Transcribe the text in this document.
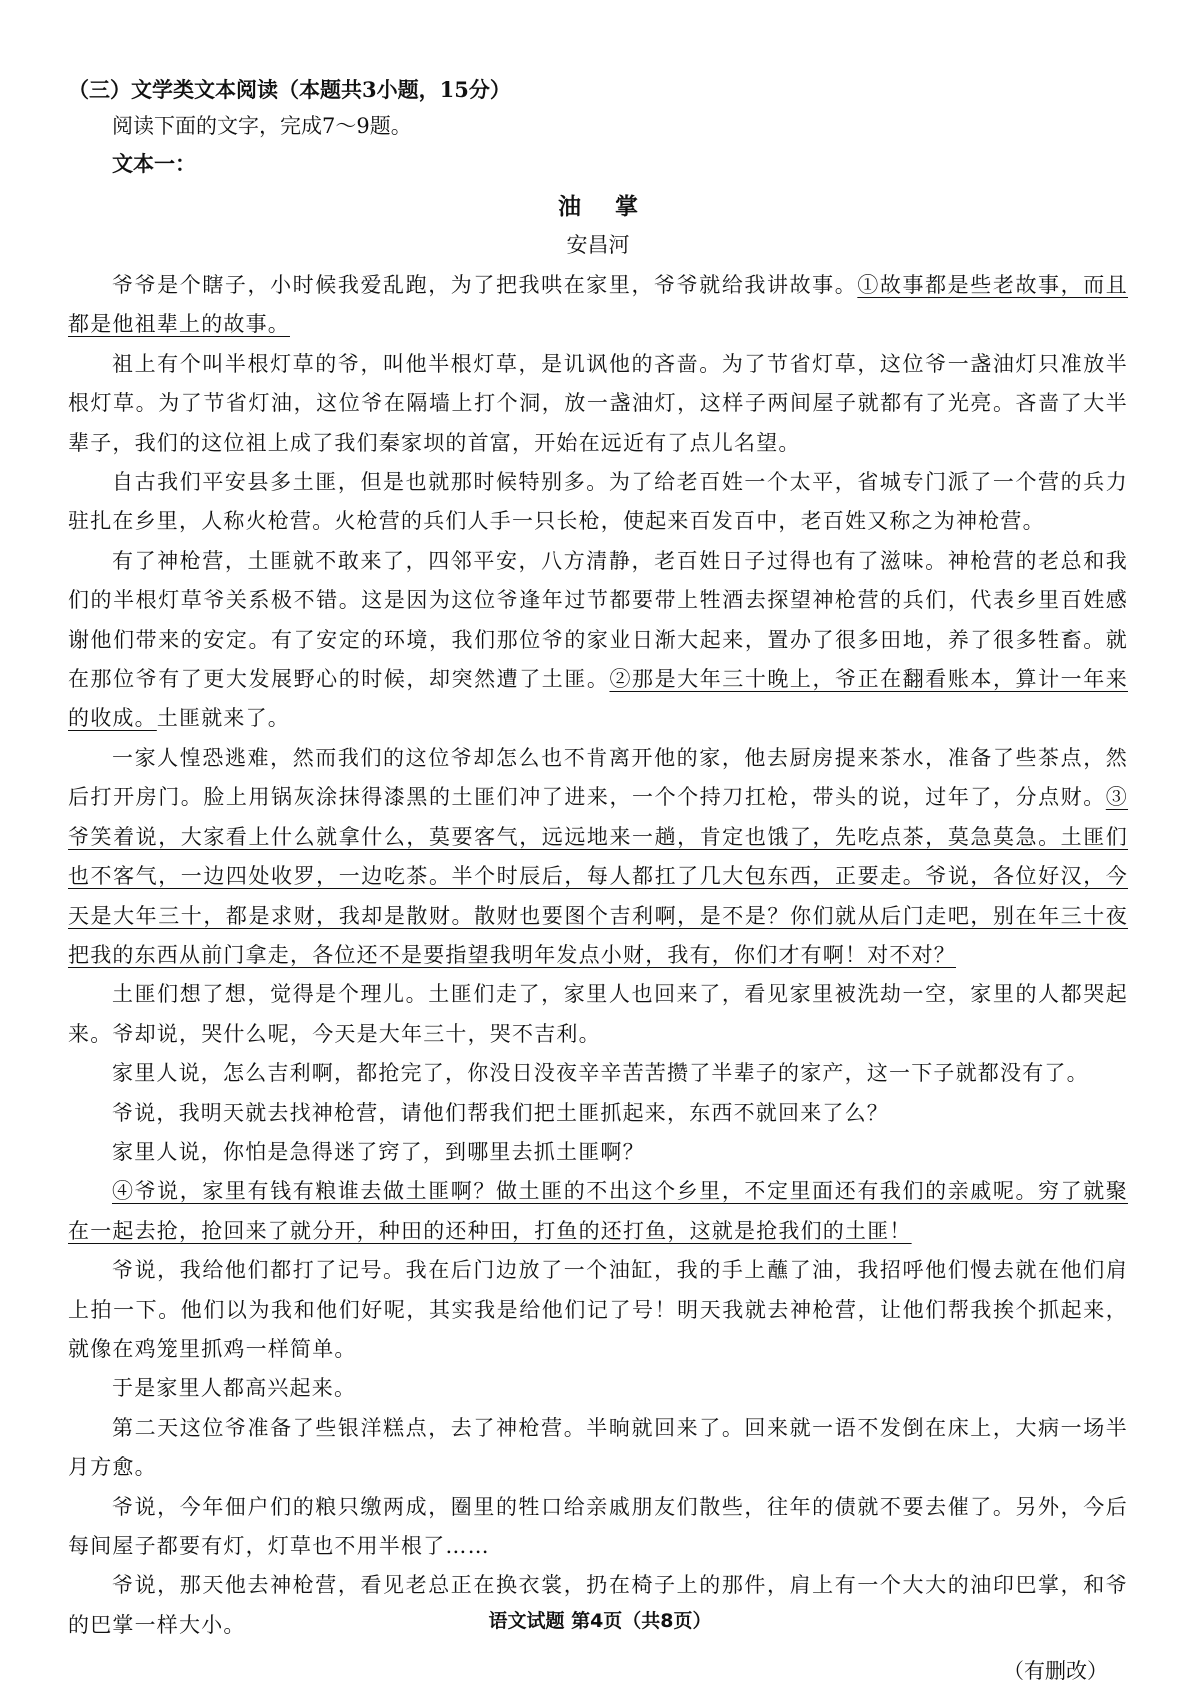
（三）文学类文本阅读（本题共3小题，15分）

阅读下面的文字，完成7～9题。

文本一：

油掌

安昌河

爷爷是个瞎子，小时候我爱乱跑，为了把我哄在家里，爷爷就给我讲故事。①故事都是些老故事，而且都是他祖辈上的故事。

祖上有个叫半根灯草的爷，叫他半根灯草，是讥讽他的吝啬。为了节省灯草，这位爷一盏油灯只准放半根灯草。为了节省灯油，这位爷在隔墙上打个洞，放一盏油灯，这样子两间屋子就都有了光亮。吝啬了大半辈子，我们的这位祖上成了我们秦家坝的首富，开始在远近有了点儿名望。

自古我们平安县多土匪，但是也就那时候特别多。为了给老百姓一个太平，省城专门派了一个营的兵力驻扎在乡里，人称火枪营。火枪营的兵们人手一只长枪，使起来百发百中，老百姓又称之为神枪营。

有了神枪营，土匪就不敢来了，四邻平安，八方清静，老百姓日子过得也有了滋味。神枪营的老总和我们的半根灯草爷关系极不错。这是因为这位爷逢年过节都要带上牲酒去探望神枪营的兵们，代表乡里百姓感谢他们带来的安定。有了安定的环境，我们那位爷的家业日渐大起来，置办了很多田地，养了很多牲畜。就在那位爷有了更大发展野心的时候，却突然遭了土匪。②那是大年三十晚上，爷正在翻看账本，算计一年来的收成。土匪就来了。

一家人惶恐逃难，然而我们的这位爷却怎么也不肯离开他的家，他去厨房提来茶水，准备了些茶点，然后打开房门。脸上用锅灰涂抹得漆黑的土匪们冲了进来，一个个持刀扛枪，带头的说，过年了，分点财。③爷笑着说，大家看上什么就拿什么，莫要客气，远远地来一趟，肯定也饿了，先吃点茶，莫急莫急。土匪们也不客气，一边四处收罗，一边吃茶。半个时辰后，每人都扛了几大包东西，正要走。爷说，各位好汉，今天是大年三十，都是求财，我却是散财。散财也要图个吉利啊，是不是？你们就从后门走吧，别在年三十夜把我的东西从前门拿走，各位还不是要指望我明年发点小财，我有，你们才有啊！对不对？

土匪们想了想，觉得是个理儿。土匪们走了，家里人也回来了，看见家里被洗劫一空，家里的人都哭起来。爷却说，哭什么呢，今天是大年三十，哭不吉利。

家里人说，怎么吉利啊，都抢完了，你没日没夜辛辛苦苦攒了半辈子的家产，这一下子就都没有了。

爷说，我明天就去找神枪营，请他们帮我们把土匪抓起来，东西不就回来了么？

家里人说，你怕是急得迷了窍了，到哪里去抓土匪啊？

④爷说，家里有钱有粮谁去做土匪啊？做土匪的不出这个乡里，不定里面还有我们的亲戚呢。穷了就聚在一起去抢，抢回来了就分开，种田的还种田，打鱼的还打鱼，这就是抢我们的土匪！

爷说，我给他们都打了记号。我在后门边放了一个油缸，我的手上蘸了油，我招呼他们慢去就在他们肩上拍一下。他们以为我和他们好呢，其实我是给他们记了号！明天我就去神枪营，让他们帮我挨个抓起来，就像在鸡笼里抓鸡一样简单。

于是家里人都高兴起来。

第二天这位爷准备了些银洋糕点，去了神枪营。半晌就回来了。回来就一语不发倒在床上，大病一场半月方愈。

爷说，今年佃户们的粮只缴两成，圈里的牲口给亲戚朋友们散些，往年的债就不要去催了。另外，今后每间屋子都要有灯，灯草也不用半根了……

爷说，那天他去神枪营，看见老总正在换衣裳，扔在椅子上的那件，肩上有一个大大的油印巴掌，和爷的巴掌一样大小。

（有删改）

语文试题 第4页（共8页）
